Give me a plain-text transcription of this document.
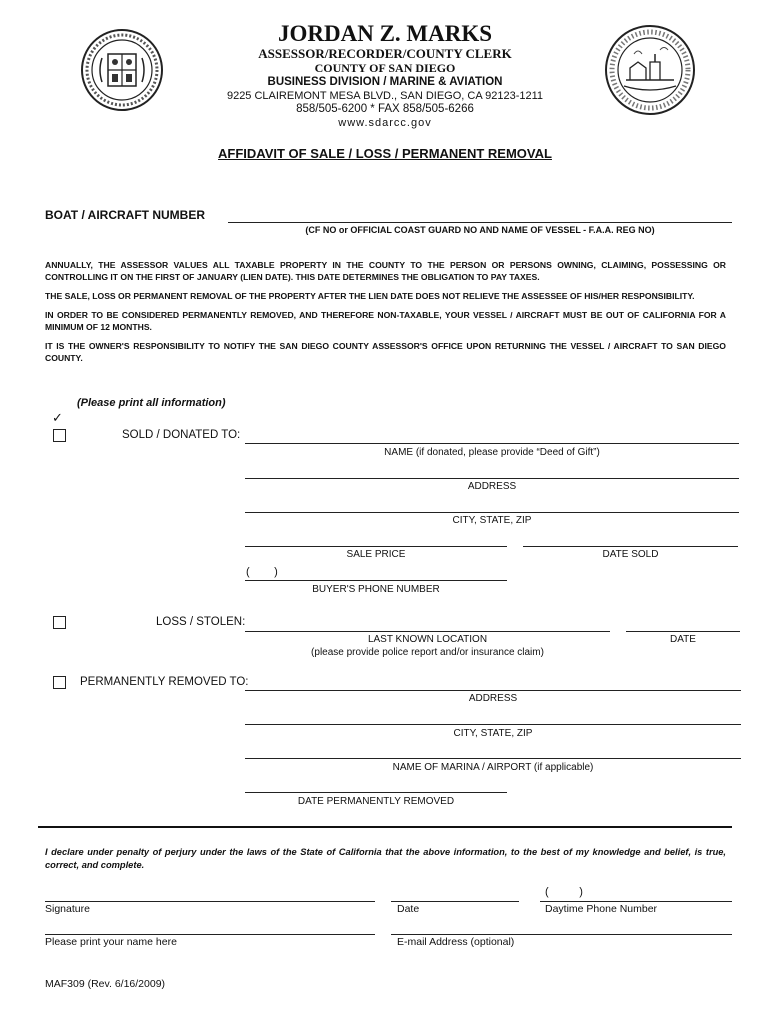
JORDAN Z. MARKS
ASSESSOR/RECORDER/COUNTY CLERK
COUNTY OF SAN DIEGO
BUSINESS DIVISION / MARINE & AVIATION
9225 CLAIREMONT MESA BLVD., SAN DIEGO, CA 92123-1211
858/505-6200 * FAX 858/505-6266
www.sdarcc.gov
AFFIDAVIT OF SALE / LOSS / PERMANENT REMOVAL
BOAT / AIRCRAFT NUMBER
(CF NO or OFFICIAL COAST GUARD NO AND NAME OF VESSEL - F.A.A. REG NO)
ANNUALLY, THE ASSESSOR VALUES ALL TAXABLE PROPERTY IN THE COUNTY TO THE PERSON OR PERSONS OWNING, CLAIMING, POSSESSING OR CONTROLLING IT ON THE FIRST OF JANUARY (LIEN DATE). THIS DATE DETERMINES THE OBLIGATION TO PAY TAXES.
THE SALE, LOSS OR PERMANENT REMOVAL OF THE PROPERTY AFTER THE LIEN DATE DOES NOT RELIEVE THE ASSESSEE OF HIS/HER RESPONSIBILITY.
IN ORDER TO BE CONSIDERED PERMANENTLY REMOVED, AND THEREFORE NON-TAXABLE, YOUR VESSEL / AIRCRAFT MUST BE OUT OF CALIFORNIA FOR A MINIMUM OF 12 MONTHS.
IT IS THE OWNER'S RESPONSIBILITY TO NOTIFY THE SAN DIEGO COUNTY ASSESSOR'S OFFICE UPON RETURNING THE VESSEL / AIRCRAFT TO SAN DIEGO COUNTY.
(Please print all information)
✓
SOLD / DONATED TO:
NAME (if donated, please provide “Deed of Gift”)
ADDRESS
CITY, STATE, ZIP
SALE PRICE	DATE SOLD
(        )
BUYER'S PHONE NUMBER
LOSS / STOLEN:
LAST KNOWN LOCATION
(please provide police report and/or insurance claim)
DATE
PERMANENTLY REMOVED TO:
ADDRESS
CITY, STATE, ZIP
NAME OF MARINA / AIRPORT (if applicable)
DATE PERMANENTLY REMOVED
I declare under penalty of perjury under the laws of the State of California that the above information, to the best of my knowledge and belief, is true, correct, and complete.
Signature	Date
(          )
Daytime Phone Number
Please print your name here	E-mail Address (optional)
MAF309 (Rev. 6/16/2009)
